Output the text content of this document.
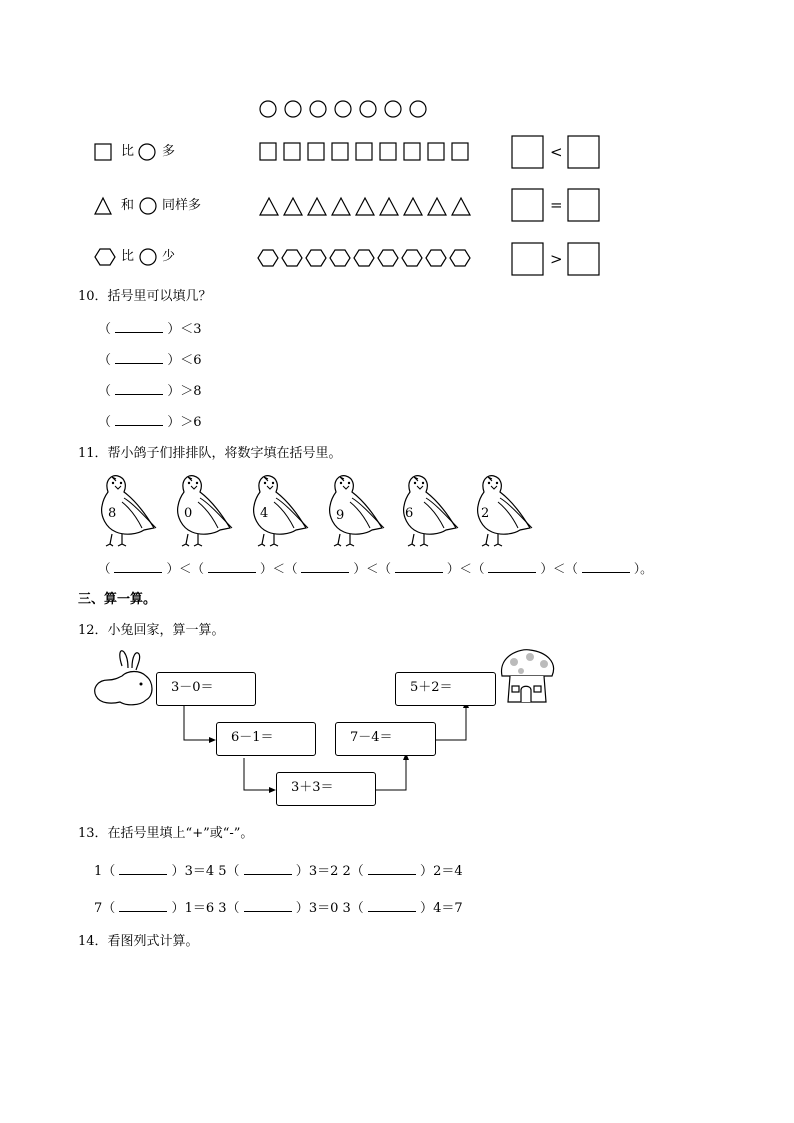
比 多
和 同样多
比 少
<
=
>
10．括号里可以填几？
（	）＜3
（	）＜6
（	）＞8
（	）＞6
11．帮小鸽子们排排队，将数字填在括号里。
8	0	4	9	6	2
（	）＜（	）＜（	）＜（	）＜（	）＜（	）。
三、算一算。
12．小兔回家，算一算。
3－0＝
6－1＝
3＋3＝
7－4＝
5＋2＝
13．在括号里填上“+”或“-”。
1（	）3＝4 5（	）3＝2 2（	）2＝4
7（	）1＝6 3（	）3＝0 3（	）4＝7
14．看图列式计算。
